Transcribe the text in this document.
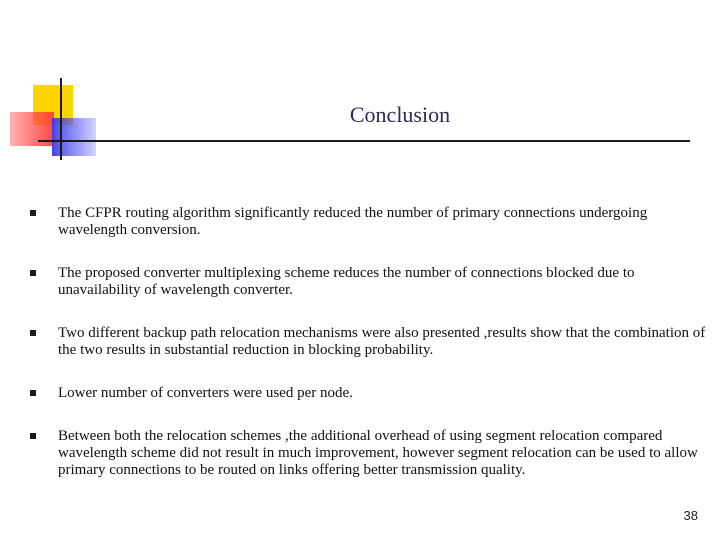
Conclusion
The CFPR routing algorithm significantly reduced the number of primary connections undergoing wavelength conversion.
The proposed converter multiplexing scheme reduces the number of connections blocked due to unavailability of wavelength converter.
Two different backup path relocation mechanisms were also presented ,results show that the combination of the two results in substantial reduction in blocking probability.
Lower number of converters were used per node.
Between both the relocation schemes ,the additional overhead of using segment relocation compared wavelength scheme did not result in much improvement, however segment relocation can be used to allow primary connections to be routed on links offering better transmission quality.
38
